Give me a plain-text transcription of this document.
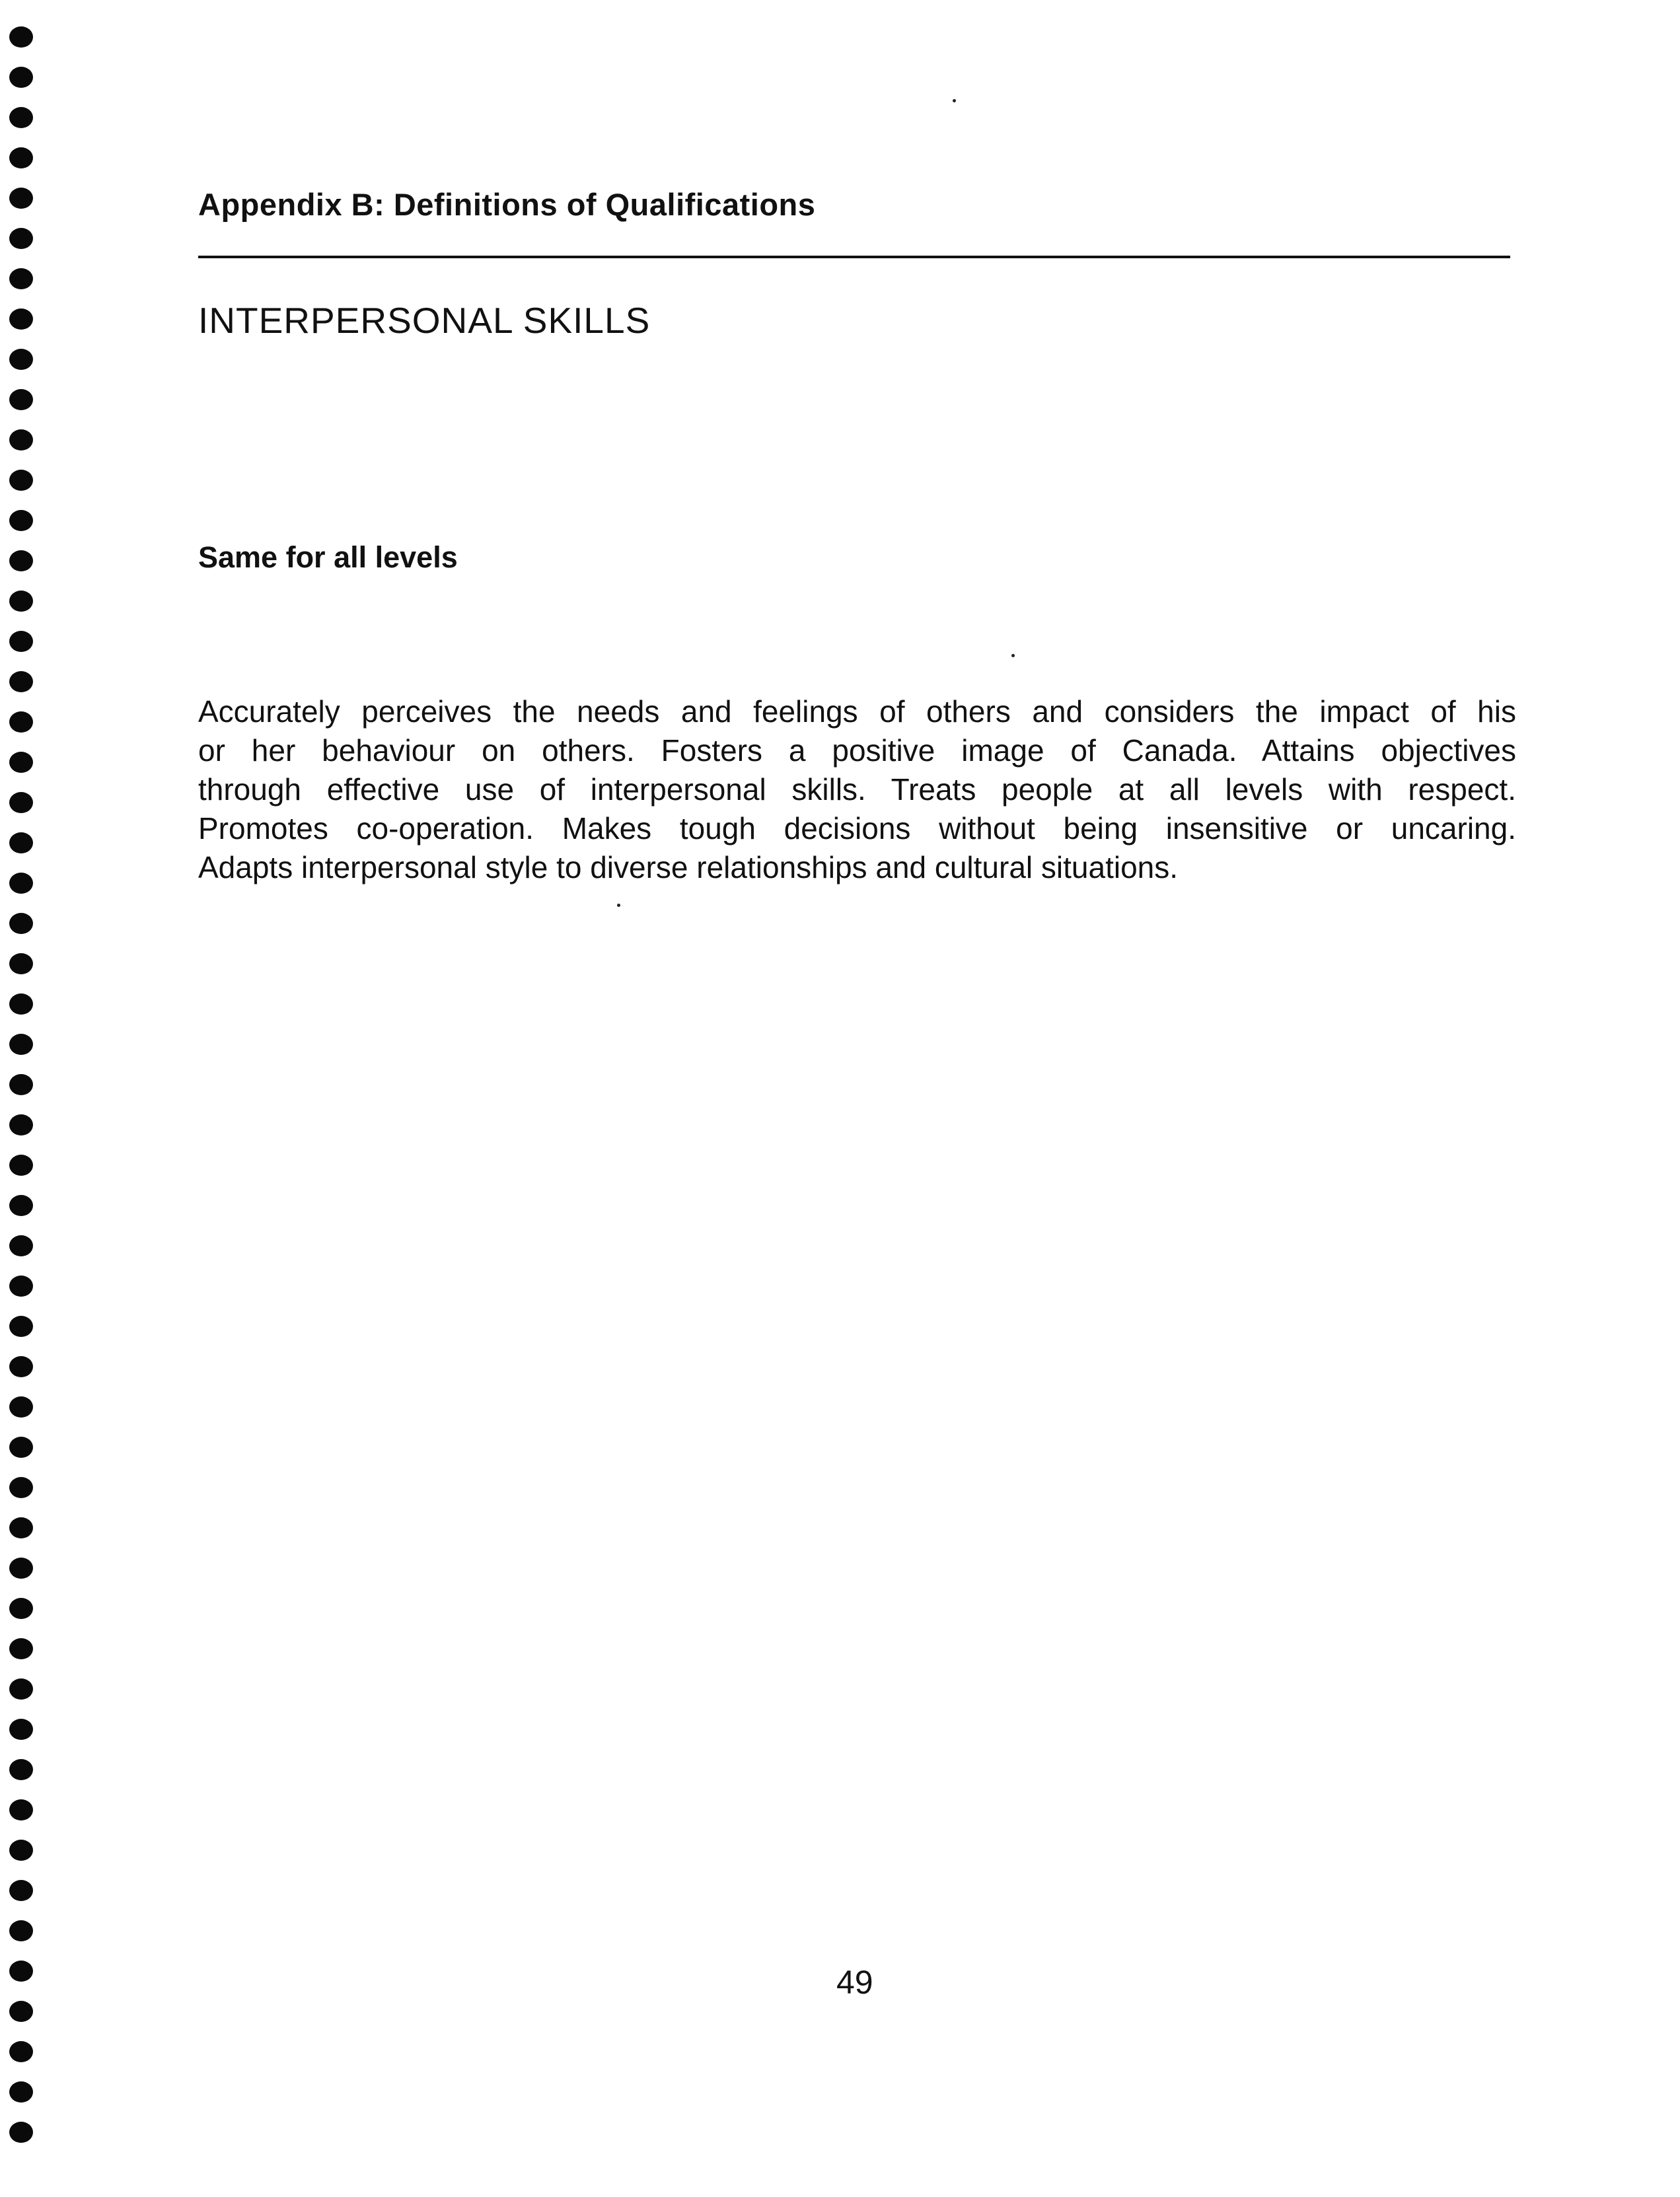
Appendix B: Definitions of Qualifications
INTERPERSONAL SKILLS
Same for all levels

Accurately perceives the needs and feelings of others and considers the impact of his
or her behaviour on others. Fosters a positive image of Canada. Attains objectives
through effective use of interpersonal skills. Treats people at all levels with respect.
Promotes co-operation. Makes tough decisions without being insensitive or uncaring.
Adapts interpersonal style to diverse relationships and cultural situations.

49
